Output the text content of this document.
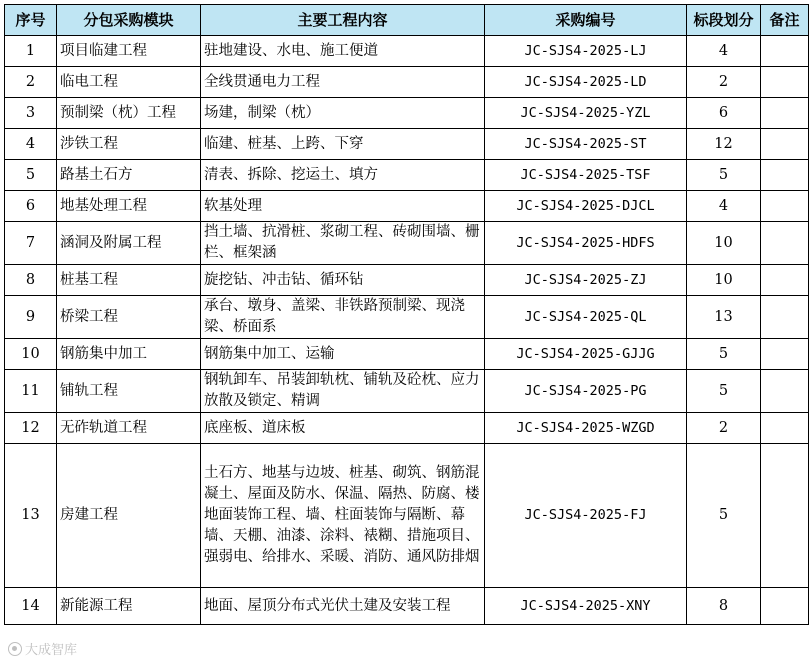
序号	分包采购模块	主要工程内容	采购编号	标段划分	备注
1	项目临建工程	驻地建设、水电、施工便道	JC-SJS4-2025-LJ	4	
2	临电工程	全线贯通电力工程	JC-SJS4-2025-LD	2	
3	预制梁（枕）工程	场建，制梁（枕）	JC-SJS4-2025-YZL	6	
4	涉铁工程	临建、桩基、上跨、下穿	JC-SJS4-2025-ST	12	
5	路基土石方	清表、拆除、挖运土、填方	JC-SJS4-2025-TSF	5	
6	地基处理工程	软基处理	JC-SJS4-2025-DJCL	4	
7	涵洞及附属工程	挡土墙、抗滑桩、浆砌工程、砖砌围墙、栅栏、框架涵	JC-SJS4-2025-HDFS	10	
8	桩基工程	旋挖钻、冲击钻、循环钻	JC-SJS4-2025-ZJ	10	
9	桥梁工程	承台、墩身、盖梁、非铁路预制梁、现浇梁、桥面系	JC-SJS4-2025-QL	13	
10	钢筋集中加工	钢筋集中加工、运输	JC-SJS4-2025-GJJG	5	
11	铺轨工程	钢轨卸车、吊装卸轨枕、铺轨及砼枕、应力放散及锁定、精调	JC-SJS4-2025-PG	5	
12	无砟轨道工程	底座板、道床板	JC-SJS4-2025-WZGD	2	
13	房建工程	土石方、地基与边坡、桩基、砌筑、钢筋混凝土、屋面及防水、保温、隔热、防腐、楼地面装饰工程、墙、柱面装饰与隔断、幕墙、天棚、油漆、涂料、裱糊、措施项目、强弱电、给排水、采暖、消防、通风防排烟	JC-SJS4-2025-FJ	5	
14	新能源工程	地面、屋顶分布式光伏土建及安装工程	JC-SJS4-2025-XNY	8	
大成智库
